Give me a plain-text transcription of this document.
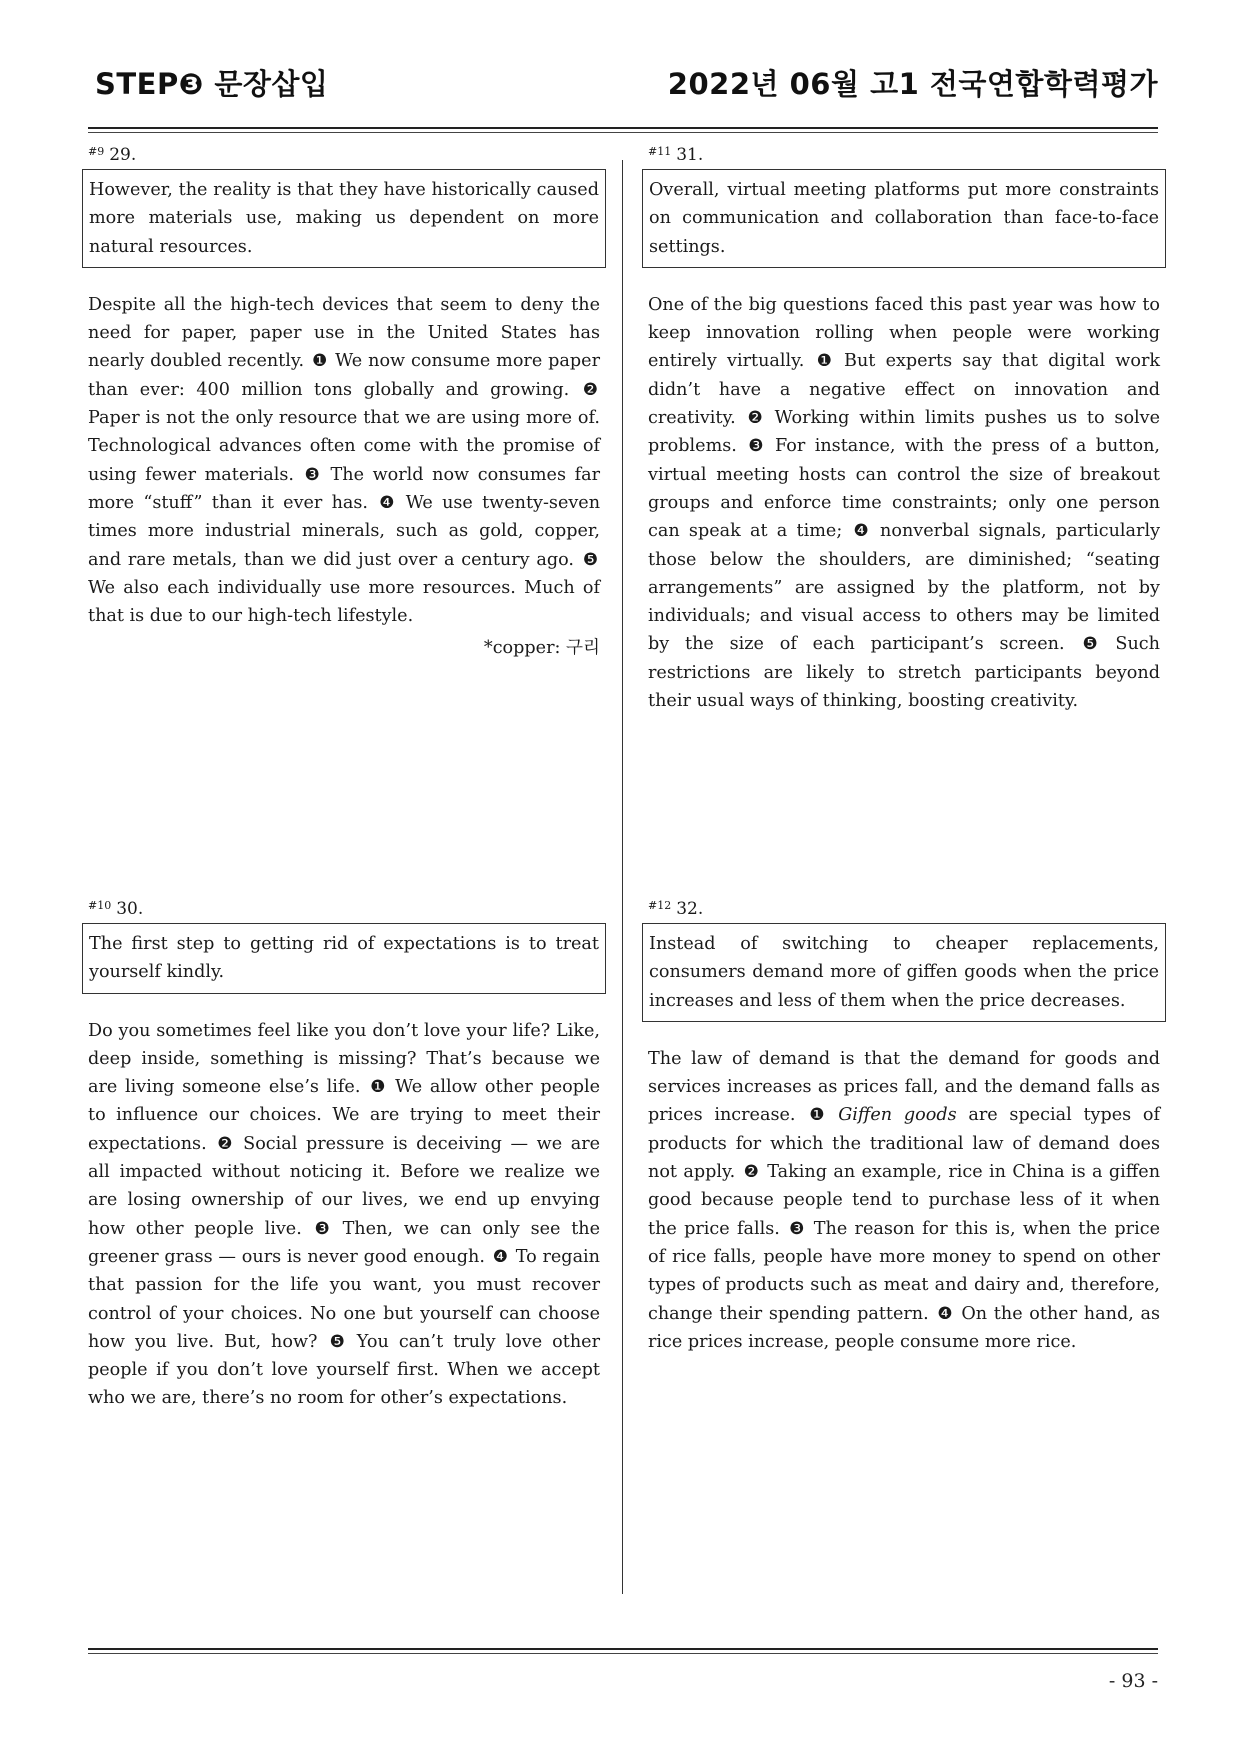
STEP❸ 문장삽입	2022년 06월 고1 전국연합학력평가
$^{\#9}$ 29.
However, the reality is that they have historically caused more materials use, making us dependent on more natural resources.
Despite all the high-tech devices that seem to deny the need for paper, paper use in the United States has nearly doubled recently. ❶ We now consume more paper than ever: 400 million tons globally and growing. ❷ Paper is not the only resource that we are using more of. Technological advances often come with the promise of using fewer materials. ❸ The world now consumes far more “stuff” than it ever has. ❹ We use twenty-seven times more industrial minerals, such as gold, copper, and rare metals, than we did just over a century ago. ❺ We also each individually use more resources. Much of that is due to our high-tech lifestyle.
*copper: 구리
$^{\#10}$ 30.
The first step to getting rid of expectations is to treat yourself kindly.
Do you sometimes feel like you don’t love your life? Like, deep inside, something is missing? That’s because we are living someone else’s life. ❶ We allow other people to influence our choices. We are trying to meet their expectations. ❷ Social pressure is deceiving — we are all impacted without noticing it. Before we realize we are losing ownership of our lives, we end up envying how other people live. ❸ Then, we can only see the greener grass — ours is never good enough. ❹ To regain that passion for the life you want, you must recover control of your choices. No one but yourself can choose how you live. But, how? ❺ You can’t truly love other people if you don’t love yourself first. When we accept who we are, there’s no room for other’s expectations.
$^{\#11}$ 31.
Overall, virtual meeting platforms put more constraints on communication and collaboration than face-to-face settings.
One of the big questions faced this past year was how to keep innovation rolling when people were working entirely virtually. ❶ But experts say that digital work didn’t have a negative effect on innovation and creativity. ❷ Working within limits pushes us to solve problems. ❸ For instance, with the press of a button, virtual meeting hosts can control the size of breakout groups and enforce time constraints; only one person can speak at a time; ❹ nonverbal signals, particularly those below the shoulders, are diminished; “seating arrangements” are assigned by the platform, not by individuals; and visual access to others may be limited by the size of each participant’s screen. ❺ Such restrictions are likely to stretch participants beyond their usual ways of thinking, boosting creativity.
$^{\#12}$ 32.
Instead of switching to cheaper replacements, consumers demand more of giffen goods when the price increases and less of them when the price decreases.
The law of demand is that the demand for goods and services increases as prices fall, and the demand falls as prices increase. ❶ Giffen goods are special types of products for which the traditional law of demand does not apply. ❷ Taking an example, rice in China is a giffen good because people tend to purchase less of it when the price falls. ❸ The reason for this is, when the price of rice falls, people have more money to spend on other types of products such as meat and dairy and, therefore, change their spending pattern. ❹ On the other hand, as rice prices increase, people consume more rice.
- 93 -
